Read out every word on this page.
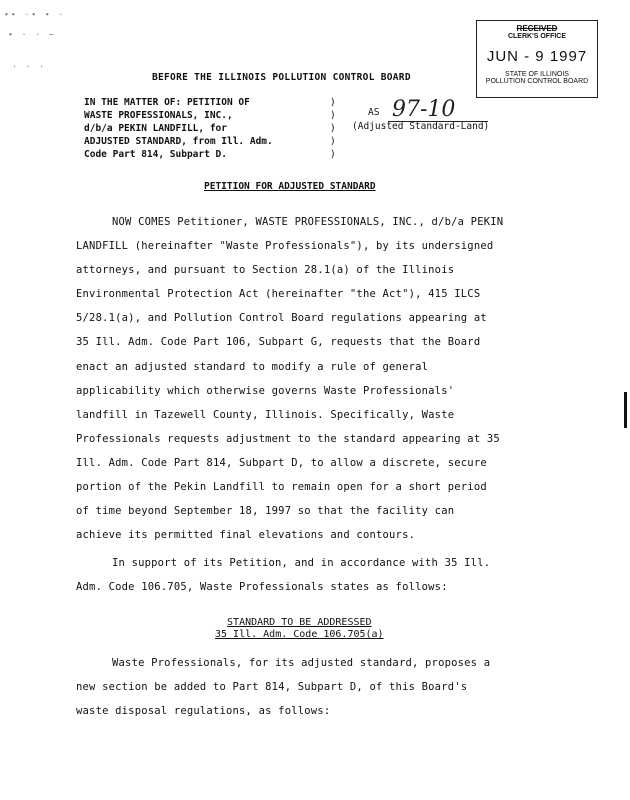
∙∙ ·∙ ∙ ·
∙ · · −
· · ·
RECEIVED
CLERK'S OFFICE
JUN - 9 1997
STATE OF ILLINOIS
POLLUTION CONTROL BOARD
BEFORE THE ILLINOIS POLLUTION CONTROL BOARD
IN THE MATTER OF: PETITION OF
WASTE PROFESSIONALS, INC.,
d/b/a PEKIN LANDFILL, for
ADJUSTED STANDARD, from Ill. Adm.
Code Part 814, Subpart D.
)
)
)
)
)
AS 97-10
(Adjusted Standard-Land)
PETITION FOR ADJUSTED STANDARD
NOW COMES Petitioner, WASTE PROFESSIONALS, INC., d/b/a PEKIN
LANDFILL (hereinafter "Waste Professionals"), by its undersigned
attorneys, and pursuant to Section 28.1(a) of the Illinois
Environmental Protection Act (hereinafter "the Act"), 415 ILCS
5/28.1(a), and Pollution Control Board regulations appearing at
35 Ill. Adm. Code Part 106, Subpart G, requests that the Board
enact an adjusted standard to modify a rule of general
applicability which otherwise governs Waste Professionals'
landfill in Tazewell County, Illinois. Specifically, Waste
Professionals requests adjustment to the standard appearing at 35
Ill. Adm. Code Part 814, Subpart D, to allow a discrete, secure
portion of the Pekin Landfill to remain open for a short period
of time beyond September 18, 1997 so that the facility can
achieve its permitted final elevations and contours.
In support of its Petition, and in accordance with 35 Ill.
Adm. Code 106.705, Waste Professionals states as follows:
STANDARD TO BE ADDRESSED
35 Ill. Adm. Code 106.705(a)
Waste Professionals, for its adjusted standard, proposes a
new section be added to Part 814, Subpart D, of this Board's
waste disposal regulations, as follows:
